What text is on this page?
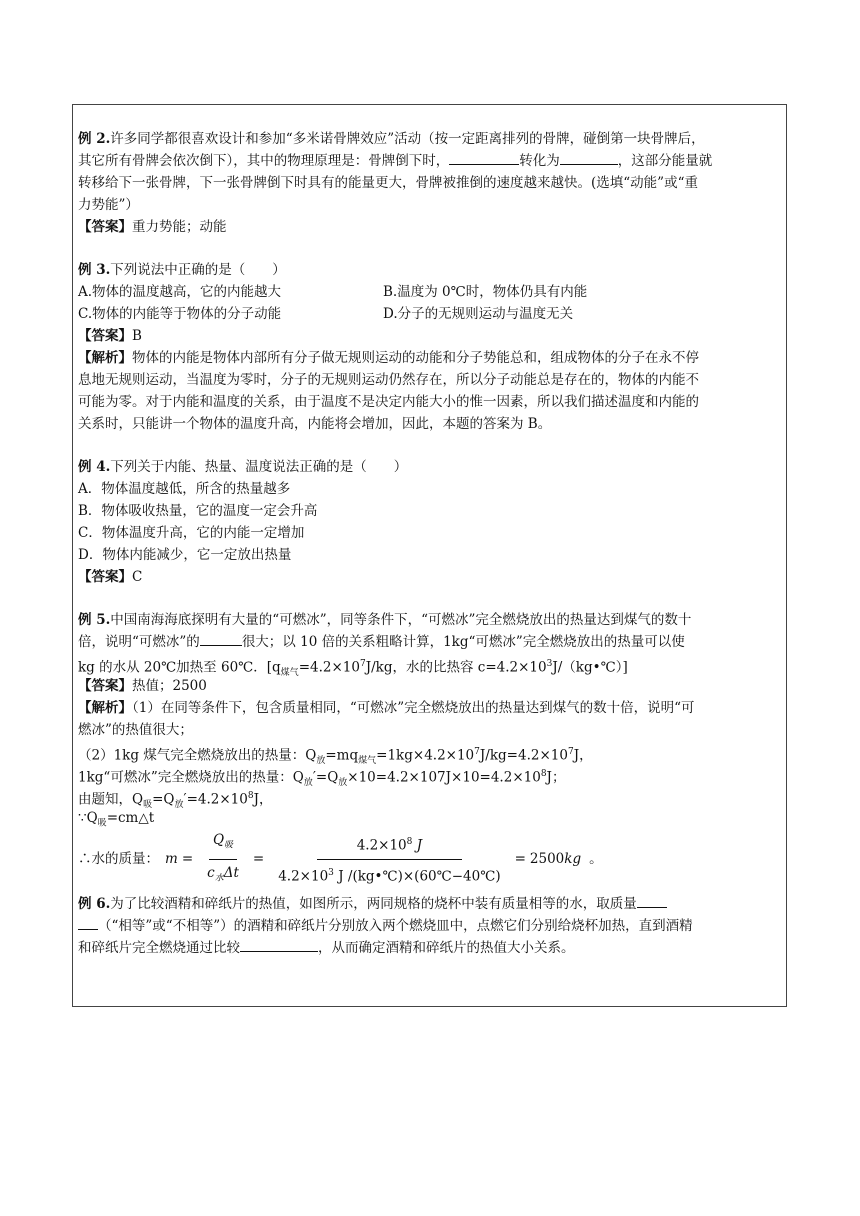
例 2.许多同学都很喜欢设计和参加“多米诺骨牌效应”活动（按一定距离排列的骨牌，碰倒第一块骨牌后，
其它所有骨牌会依次倒下），其中的物理原理是：骨牌倒下时，	转化为	，这部分能量就
转移给下一张骨牌，下一张骨牌倒下时具有的能量更大，骨牌被推倒的速度越来越快。(选填“动能”或“重
力势能”）
【答案】重力势能；动能
例 3.下列说法中正确的是（　　）
A.物体的温度越高，它的内能越大	B.温度为 0℃时，物体仍具有内能
C.物体的内能等于物体的分子动能	D.分子的无规则运动与温度无关
【答案】B
【解析】物体的内能是物体内部所有分子做无规则运动的动能和分子势能总和，组成物体的分子在永不停
息地无规则运动，当温度为零时，分子的无规则运动仍然存在，所以分子动能总是存在的，物体的内能不
可能为零。对于内能和温度的关系，由于温度不是决定内能大小的惟一因素，所以我们描述温度和内能的
关系时，只能讲一个物体的温度升高，内能将会增加，因此，本题的答案为 B。
例 4.下列关于内能、热量、温度说法正确的是（　　）
A．物体温度越低，所含的热量越多
B．物体吸收热量，它的温度一定会升高
C．物体温度升高，它的内能一定增加
D．物体内能减少，它一定放出热量
【答案】C
例 5.中国南海海底探明有大量的“可燃冰”，同等条件下，“可燃冰”完全燃烧放出的热量达到煤气的数十
倍，说明“可燃冰”的	很大；以 10 倍的关系粗略计算，1kg“可燃冰”完全燃烧放出的热量可以使
kg 的水从 20℃加热至 60℃．[$q_{煤气}=4.2\times 10^7J/kg$，水的比热容 $c=4.2\times 10^3J/(kg•℃)$]
【答案】热值；2500
【解析】（1）在同等条件下，包含质量相同，“可燃冰”完全燃烧放出的热量达到煤气的数十倍，说明“可
燃冰”的热值很大；
（2）1kg 煤气完全燃烧放出的热量：$Q_放=mq_{煤气}=1kg\times 4.2\times 10^7J/kg=4.2\times 10^7J$，
1kg“可燃冰”完全燃烧放出的热量：$Q_放'=Q_放\times 10=4.2\times 107J\times 10=4.2\times 10^8J$；
由题知，$Q_吸=Q_放'=4.2\times 10^8J$，
$\because Q_吸=cm\triangle t$
∴水的质量： $m = \frac{Q_吸}{c_水\Delta t} = \frac{4.2\times 10^8 J}{4.2\times 10^3 J /(kg•℃)\times(60℃-40℃)} = 2500$ kg 。
例 6.为了比较酒精和碎纸片的热值，如图所示，两同规格的烧杯中装有质量相等的水，取质量
（“相等”或“不相等”）的酒精和碎纸片分别放入两个燃烧皿中，点燃它们分别给烧杯加热，直到酒精
和碎纸片完全燃烧通过比较	，从而确定酒精和碎纸片的热值大小关系。
